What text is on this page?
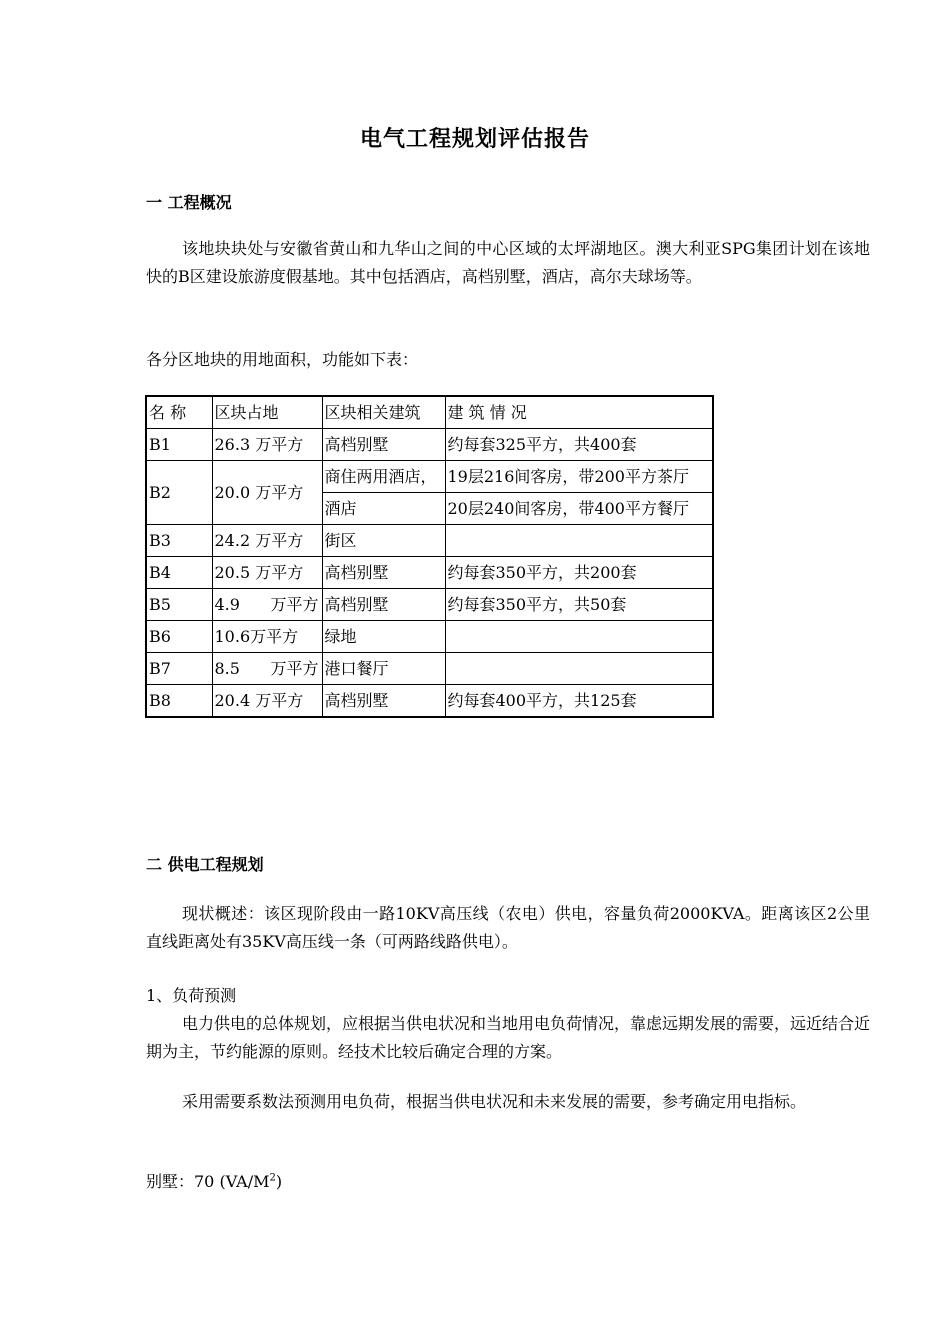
电气工程规划评估报告
一 工程概况
该地块块处与安徽省黄山和九华山之间的中心区域的太坪湖地区。澳大利亚SPG集团计划在该地快的B区建设旅游度假基地。其中包括酒店，高档别墅，酒店，高尔夫球场等。
各分区地块的用地面积，功能如下表：
名 称	区块占地	区块相关建筑	建 筑 情 况
B1	26.3 万平方	高档别墅	约每套325平方，共400套
B2	20.0 万平方	商住两用酒店，	19层216间客房，带200平方茶厅
		酒店	20层240间客房，带400平方餐厅
B3	24.2 万平方	街区	
B4	20.5 万平方	高档别墅	约每套350平方，共200套
B5	4.9      万平方	高档别墅	约每套350平方，共50套
B6	10.6万平方	绿地	
B7	8.5      万平方	港口餐厅	
B8	20.4 万平方	高档别墅	约每套400平方，共125套
二 供电工程规划
现状概述：该区现阶段由一路10KV高压线（农电）供电，容量负荷2000KVA。距离该区2公里直线距离处有35KV高压线一条（可两路线路供电）。
1、负荷预测
电力供电的总体规划，应根据当供电状况和当地用电负荷情况，靠虑远期发展的需要，远近结合近期为主，节约能源的原则。经技术比较后确定合理的方案。
采用需要系数法预测用电负荷，根据当供电状况和未来发展的需要，参考确定用电指标。
别墅：70 $(VA/M^2)$
